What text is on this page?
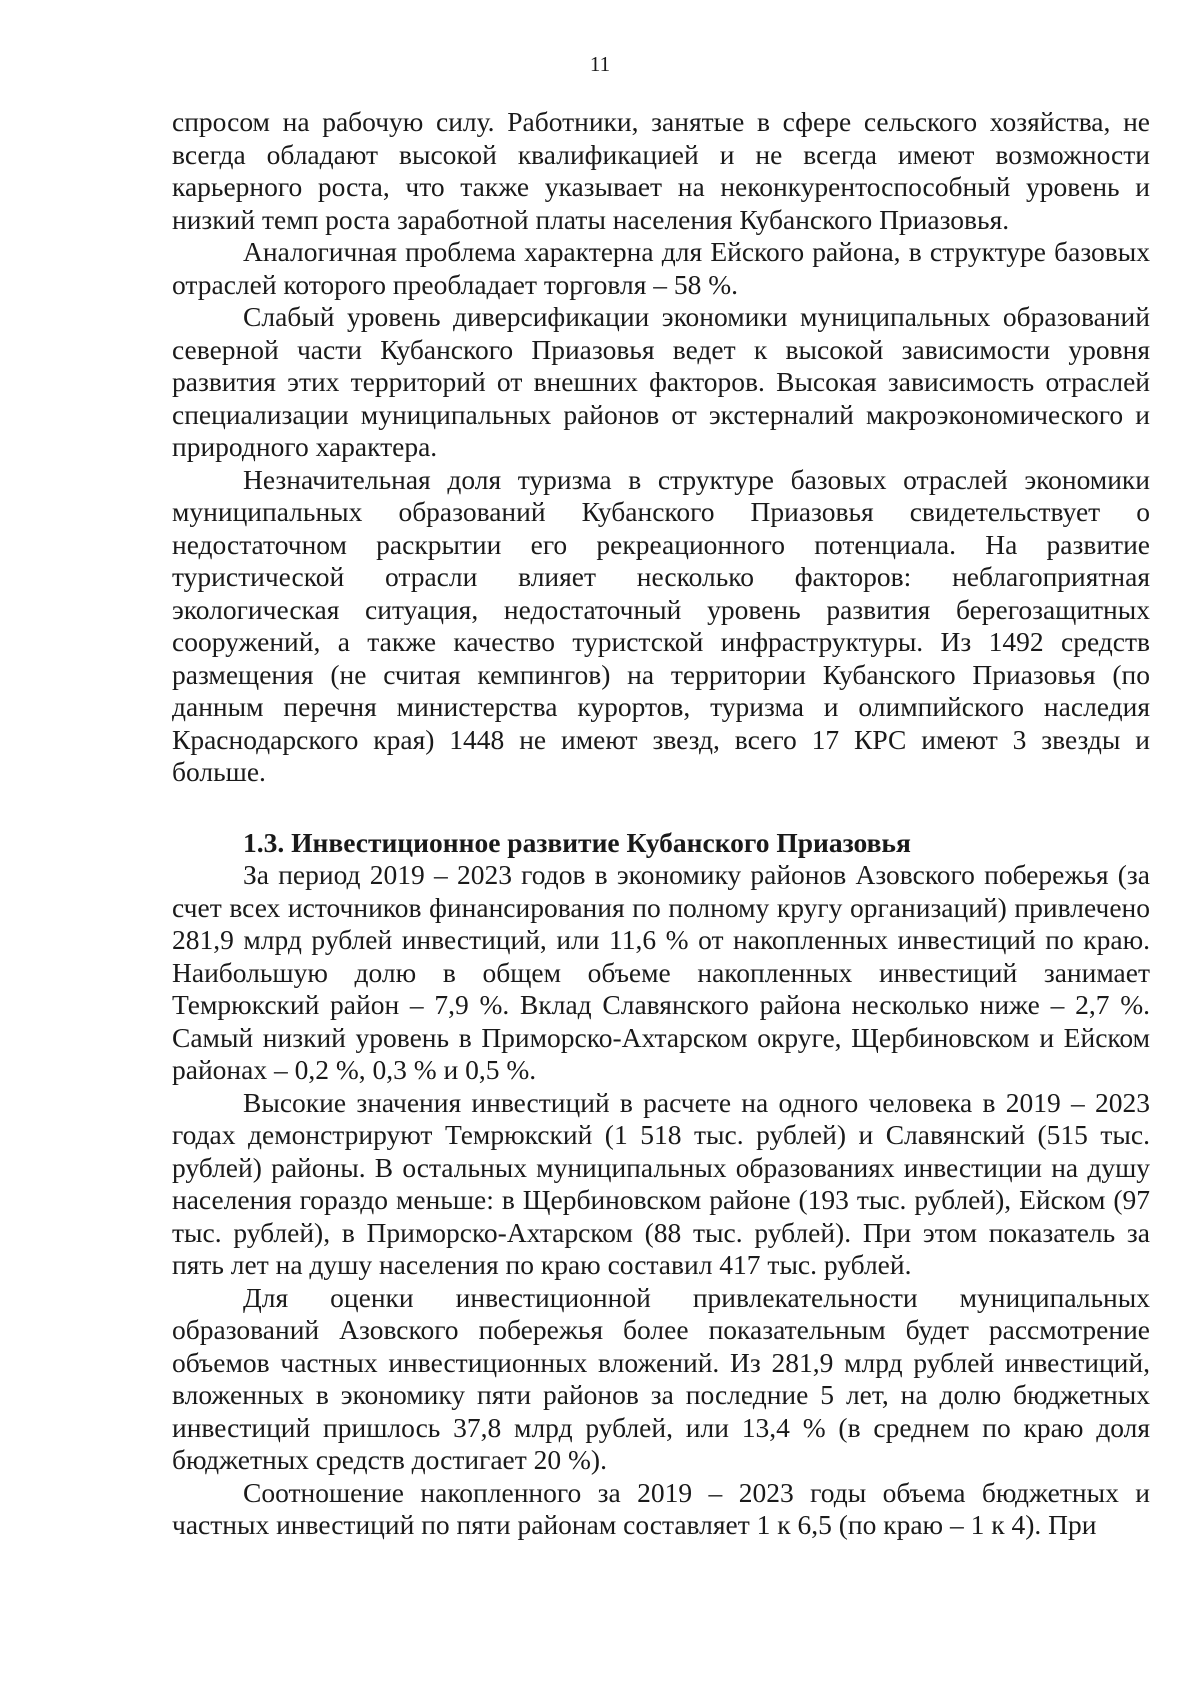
11

спросом на рабочую силу. Работники, занятые в сфере сельского хозяйства, не всегда обладают высокой квалификацией и не всегда имеют возможности карьерного роста, что также указывает на неконкурентоспособный уровень и низкий темп роста заработной платы населения Кубанского Приазовья.

Аналогичная проблема характерна для Ейского района, в структуре базовых отраслей которого преобладает торговля – 58 %.

Слабый уровень диверсификации экономики муниципальных образований северной части Кубанского Приазовья ведет к высокой зависимости уровня развития этих территорий от внешних факторов. Высокая зависимость отраслей специализации муниципальных районов от экстерналий макроэкономического и природного характера.

Незначительная доля туризма в структуре базовых отраслей экономики муниципальных образований Кубанского Приазовья свидетельствует о недостаточном раскрытии его рекреационного потенциала. На развитие туристической отрасли влияет несколько факторов: неблагоприятная экологическая ситуация, недостаточный уровень развития берегозащитных сооружений, а также качество туристской инфраструктуры. Из 1492 средств размещения (не считая кемпингов) на территории Кубанского Приазовья (по данным перечня министерства курортов, туризма и олимпийского наследия Краснодарского края) 1448 не имеют звезд, всего 17 КРС имеют 3 звезды и больше.

1.3. Инвестиционное развитие Кубанского Приазовья

За период 2019 – 2023 годов в экономику районов Азовского побережья (за счет всех источников финансирования по полному кругу организаций) привлечено 281,9 млрд рублей инвестиций, или 11,6 % от накопленных инвестиций по краю. Наибольшую долю в общем объеме накопленных инвестиций занимает Темрюкский район – 7,9 %. Вклад Славянского района несколько ниже – 2,7 %. Самый низкий уровень в Приморско-Ахтарском округе, Щербиновском и Ейском районах – 0,2 %, 0,3 % и 0,5 %.

Высокие значения инвестиций в расчете на одного человека в 2019 – 2023 годах демонстрируют Темрюкский (1 518 тыс. рублей) и Славянский (515 тыс. рублей) районы. В остальных муниципальных образованиях инвестиции на душу населения гораздо меньше: в Щербиновском районе (193 тыс. рублей), Ейском (97 тыс. рублей), в Приморско-Ахтарском (88 тыс. рублей). При этом показатель за пять лет на душу населения по краю составил 417 тыс. рублей.

Для оценки инвестиционной привлекательности муниципальных образований Азовского побережья более показательным будет рассмотрение объемов частных инвестиционных вложений. Из 281,9 млрд рублей инвестиций, вложенных в экономику пяти районов за последние 5 лет, на долю бюджетных инвестиций пришлось 37,8 млрд рублей, или 13,4 % (в среднем по краю доля бюджетных средств достигает 20 %).

Соотношение накопленного за 2019 – 2023 годы объема бюджетных и частных инвестиций по пяти районам составляет 1 к 6,5 (по краю – 1 к 4). При
